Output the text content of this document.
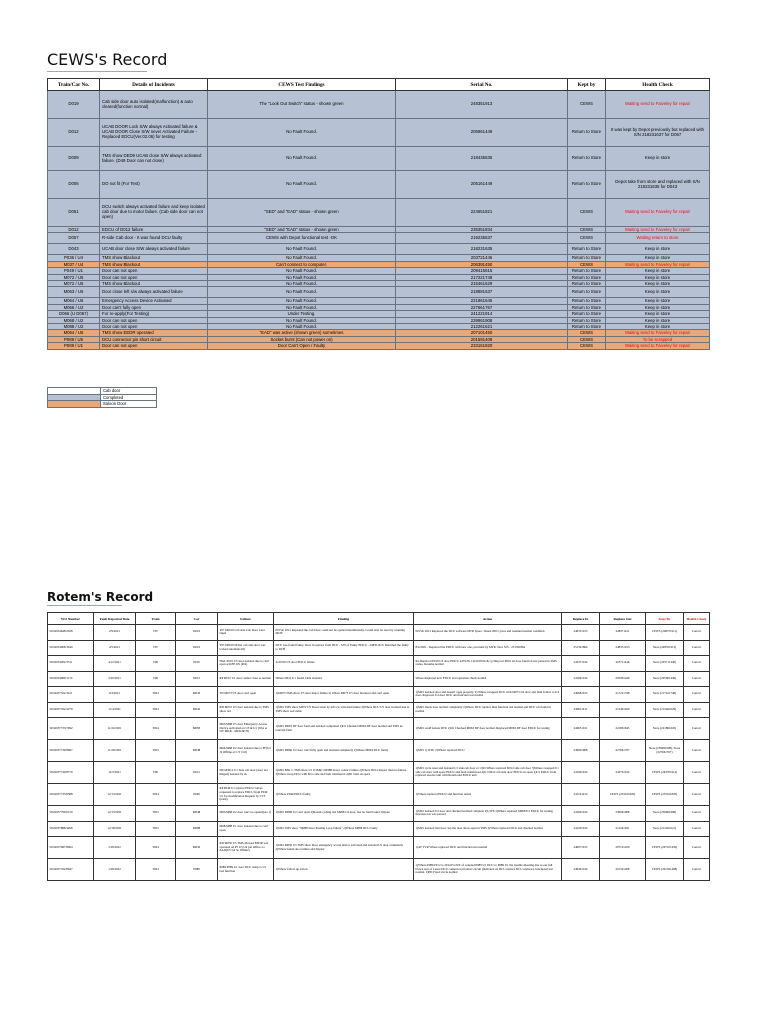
CEWS's Record
Train/Car No.	Details of Incidents	CEWS Test Findings	Serial No.	Kept by	Health Check
D019	Cab side door auto isolated(malfunction) & auto cleared(function normal)	The "Look Out Switch" status - shown green	248351913	CEWS	Waiting send to Faiveley for repair
D012	UCAB DOOR Lock S/W always Activated failure & UCAB DOOR Close S/W never Activated Failure - Replaced EDCU(Ver.02.06) for testing	No Fault Found.	205961449	Return to Store	It was kept by Depot previously but replaced with S/N 218231637 for D057
D009	TMS show DED9 UCAB close S/W always activated failure. (D49 Door can not close)	No Fault Found.	218435635	Return to Store	Keep in store
D006	DO not fit (For Test)	No Fault Found.	205161449	Return to Store	Depot take from store and replaced with S/N 218231635 for D043
D061	DCU switch always activated failure and keep isolated cab door due to motor failure. (Cab side door can not open)	"SED" and "EAD" status - shown green	224651821	CEWS	Waiting send to Faiveley for repair
D012	EDCU of D012 failure	"SED" and "EAD" status - shown green	235351834	CEWS	Waiting send to Faiveley for repair
D057	R-side Cab door - It was found DCU faulty	CEWS with Depot functional test -OK	219235637	CEWS	Waiting return to store
D043	UCAB door close S/W always activated failure	No Fault Found.	218231635	Return to Store	Keep in store
P036 / U4	TMS show Blackout	No Fault Found.	203721446	Return to Store	Keep in store
M037 / U4	TMS show Blackout	Can't connect to computer.	206391450	CEWS	Waiting send to Faiveley for repair
P049 / U1	Door can not open	No Fault Found.	209415615	Return to Store	Keep in store
M072 / U5	Door can not open	No Fault Found.	217221748	Return to Store	Keep in store
M072 / U5	TMS show Blackout	No Fault Found.	215461629	Return to Store	Keep in store
M063 / U5	Door close left s/w always activated failure	No Fault Found.	218881637	Return to Store	Keep in store
M064 / U6	Emergency Access Device Activated	No Fault Found.	221861645	Return to Store	Keep in store
M066 / U2	Door can't fully open	No Fault Found.	227661767	Return to Store	Keep in store
D066 (U D067)	For re-apply(For Testing)	Under Testing.	241221914	Return to Store	Keep in store
M068 / U2	Door can not open	No Fault Found.	239961908	Return to Store	Keep in store
M088 / U2	Door can not open	No Fault Found.	212261621	Return to Store	Keep in store
M064 / U5	TMS show EEDR operated	"EAD" was active (shown green) sometimes	207101450	CEWS	Waiting send to Faiveley for repair
P089 / U5	DCU connector pin short circuit	Socket burnt (Can not power on)	201591408	CEWS	To be scrapped
P089 / U1	Door can not open	Door Can't Open / Faulty	233161820	CEWS	Waiting send to Faiveley for repair
	Cab door
	Completed
	Saloon Door
Rotem's Record
WO Number	Fault Reported Date	Train	Car	Failure	Finding	Action	Replace In	Replace Out	Kept By	Health Check
WO2034648/2638	2/9/2021	T07	D019	T07 D0019 Cab side Cab Door Cant Open	09 Feb 2021 Repeated the Cab Door could not be opened intermittently. Could only be reset by resetting MCB	09 Feb 2021 Replaced the DCU software MTR Spare. Tested 200 Cycles and resumed normal condition	240351913	248371411	CEWS (248371911)	Correct
WO2034908/3449	4/5/2021	T07	D019	T07 D0019 Driver cab side door was locked automatically	DCU was found faulty. Door in replace from DCU - S/N of Faulty EDCU - 248351913. Returned the faulty to DCB	8/4/2021 - Replaced the EDCU with new one, provided by MTR. New S/N - 251391864	251391864	248351913	Store (248351913)	Correct
WO2034202/3511	4/12/2021	T06	P016	HAL P016 U3 door isolated due to can't open at KEE DS (R/4)	At P016 U3 door EDCU failure	Re-Replaced P016 U3 door EDCU 4479 Hr. J1419 P016 & cycling test P016 all door function test passed in TMS status. Resume normal	243471914	205711446	Store (205711446)	Correct
WO2034689/1174	5/20/2021	T06	D012	RP D012 U1 door cannot close as normal	Where D012 U1 found cable isolated	Where Replaced new EDCU and operation check normal	241691914	205961449	Store (205961449)	Correct
WO2037322/3411	9/3/2021	T024	M043	TN M073 U5 door can't open	1)M073 TMS show U5 door major failure 2) Where M073 U5 door blackout and can't open	1)M91 isolated door and doesn't open properly. 2) Where swapped DCU with M073 U4 door and fault follow to U4 door. Replaced U4 door DCU and function test normal	240681915	217221748	Store (217221748)	Correct
WO2037762/2279	11/4/2021	T024	M042	RD M072 U5 door isolated due to TMS show red	1)M91 TMS show M072 U5 Doors reset by left s/w activated failure 2)Where DCU U5 door isolated due to TMS show red status	1)M91 check door normal completely 2)Where DCU replace then function test normal and DCU s/n found in normal	240611911	215461629	Store (215461629)	Correct
WO2037733/7992	11/22/2021	T024	M083	M63/M98 U5 door Emergency Access Device Activated on U5 & U1 (Was at DY MKK - MUKIR H)	1)M91 M063 DF door fault and isolated completed 2)D1 Checked M064 DF door normal and TMS no relevant fault	1)M91 swaP isolate DTU 2)D1 Checked M063 DF door normal. Replaced M063 DF door EDCU for testing	240651911	221861645	Store (221861645)	Correct
WO2037739/8697	11/29/2021	T025	M048	M64/M68 U2 door isolated due to PF(U2 J2 Offline at C/T Ctrl)	1)M91 M066 U2 door can't fully open and isolated completely 2)Where M064 DCU faulty	1)M91 1) DTU 2)Where replaced DCU	239991908	227661767	Store (239991908), Store (227661767)	Correct
WO2037740/8779	12/3/2021	T06	D012	D012D012 U1 Side cab door (door not hinged) isolated by sk	1)M91 M91 C TMS show U1 D1M91 D0388 motor contact failure 2)Where D012 inspect then no failure 3)Where swap DCU with M to side and fault transferred 4)D1 fault on spare	1)M91 cycle reset and isolated U1 side cab door s/c 2)U1Where replaced D012 side cab door 3)Where swapped U1 side cab door with spare EDCU and fault transferred 4)U1 D012 cab side door EDCU on spare 4)U1 EDCU from replaced resolve unit with Rotem and EDCU unit	241901914	243761914	CEWS (243761914)	Correct
WO2037733/8388	12/13/2021	T024	P049	RP P049 U1 replace EDCU valves requested to replace EDCU from P049 U1 for modification Request by CTS (team)	1)Where P049 EDCU faulty	1)Where replaced EDCU and function tested	241191914	CEWS (233161820)	CEWS (233161820)	Correct
WO2037799/0159	12/15/2021	T025	M048	M63/M68 U2 door can't no opened(As 1)	1)M91 M068 U2 can't open 2)Retain cycling test M068 U2 door, fast no fault found 3)Open	1)M91 isolated U2 door and checked isolated complete 2)U1F6 3)Where replaced M068 U2 EDCU for testing, function test was passed	241601914	239961908	Store (239961908)	Correct
WO2037888/4496	12/18/2021	T025	M088	M68/M88 U1 door isolated due to can't open	1)M91 TMS show "M088 Door Passing Loop failure" 2)Where M088 DCU faulty	1)M91 isolated that door. Set the door show open in TMS 2)Where replaced DCU and checked normal	241201914	212261621	Store (212261621)	Correct
WO2037687/8064	1/28/2022	T024	M050	RD M050 U5 TMS showed EEDR was operated on P5 U5 U4 (At Office a.t. EAD(U5 U4 5e Offline)	1)M91 M050 U5 TMS show Door emergency access device activated and isolated U5 door completely 2)Where found door failure and display	1)AT TVR Where replaced DCU and function test normal	240071915	207101450	CEWS (207101450)	Correct
WO2037762/8947	1/28/2022	T024	P089	P089 P089 U1 door DCU setup to U1 bad function	1)Where follow up action	1)Where P089 DCU is 201415 OUT of coupled P089 U1 DCU to P089 U1 the trouble shooting due to our full blown rear of Latest DCU connector pin short circuit (indicated on DCU replace DCU replaced, functional test normal, 2)P8: Fixed circle normal	240491914	201591408	CEWS (201591408)	Correct
